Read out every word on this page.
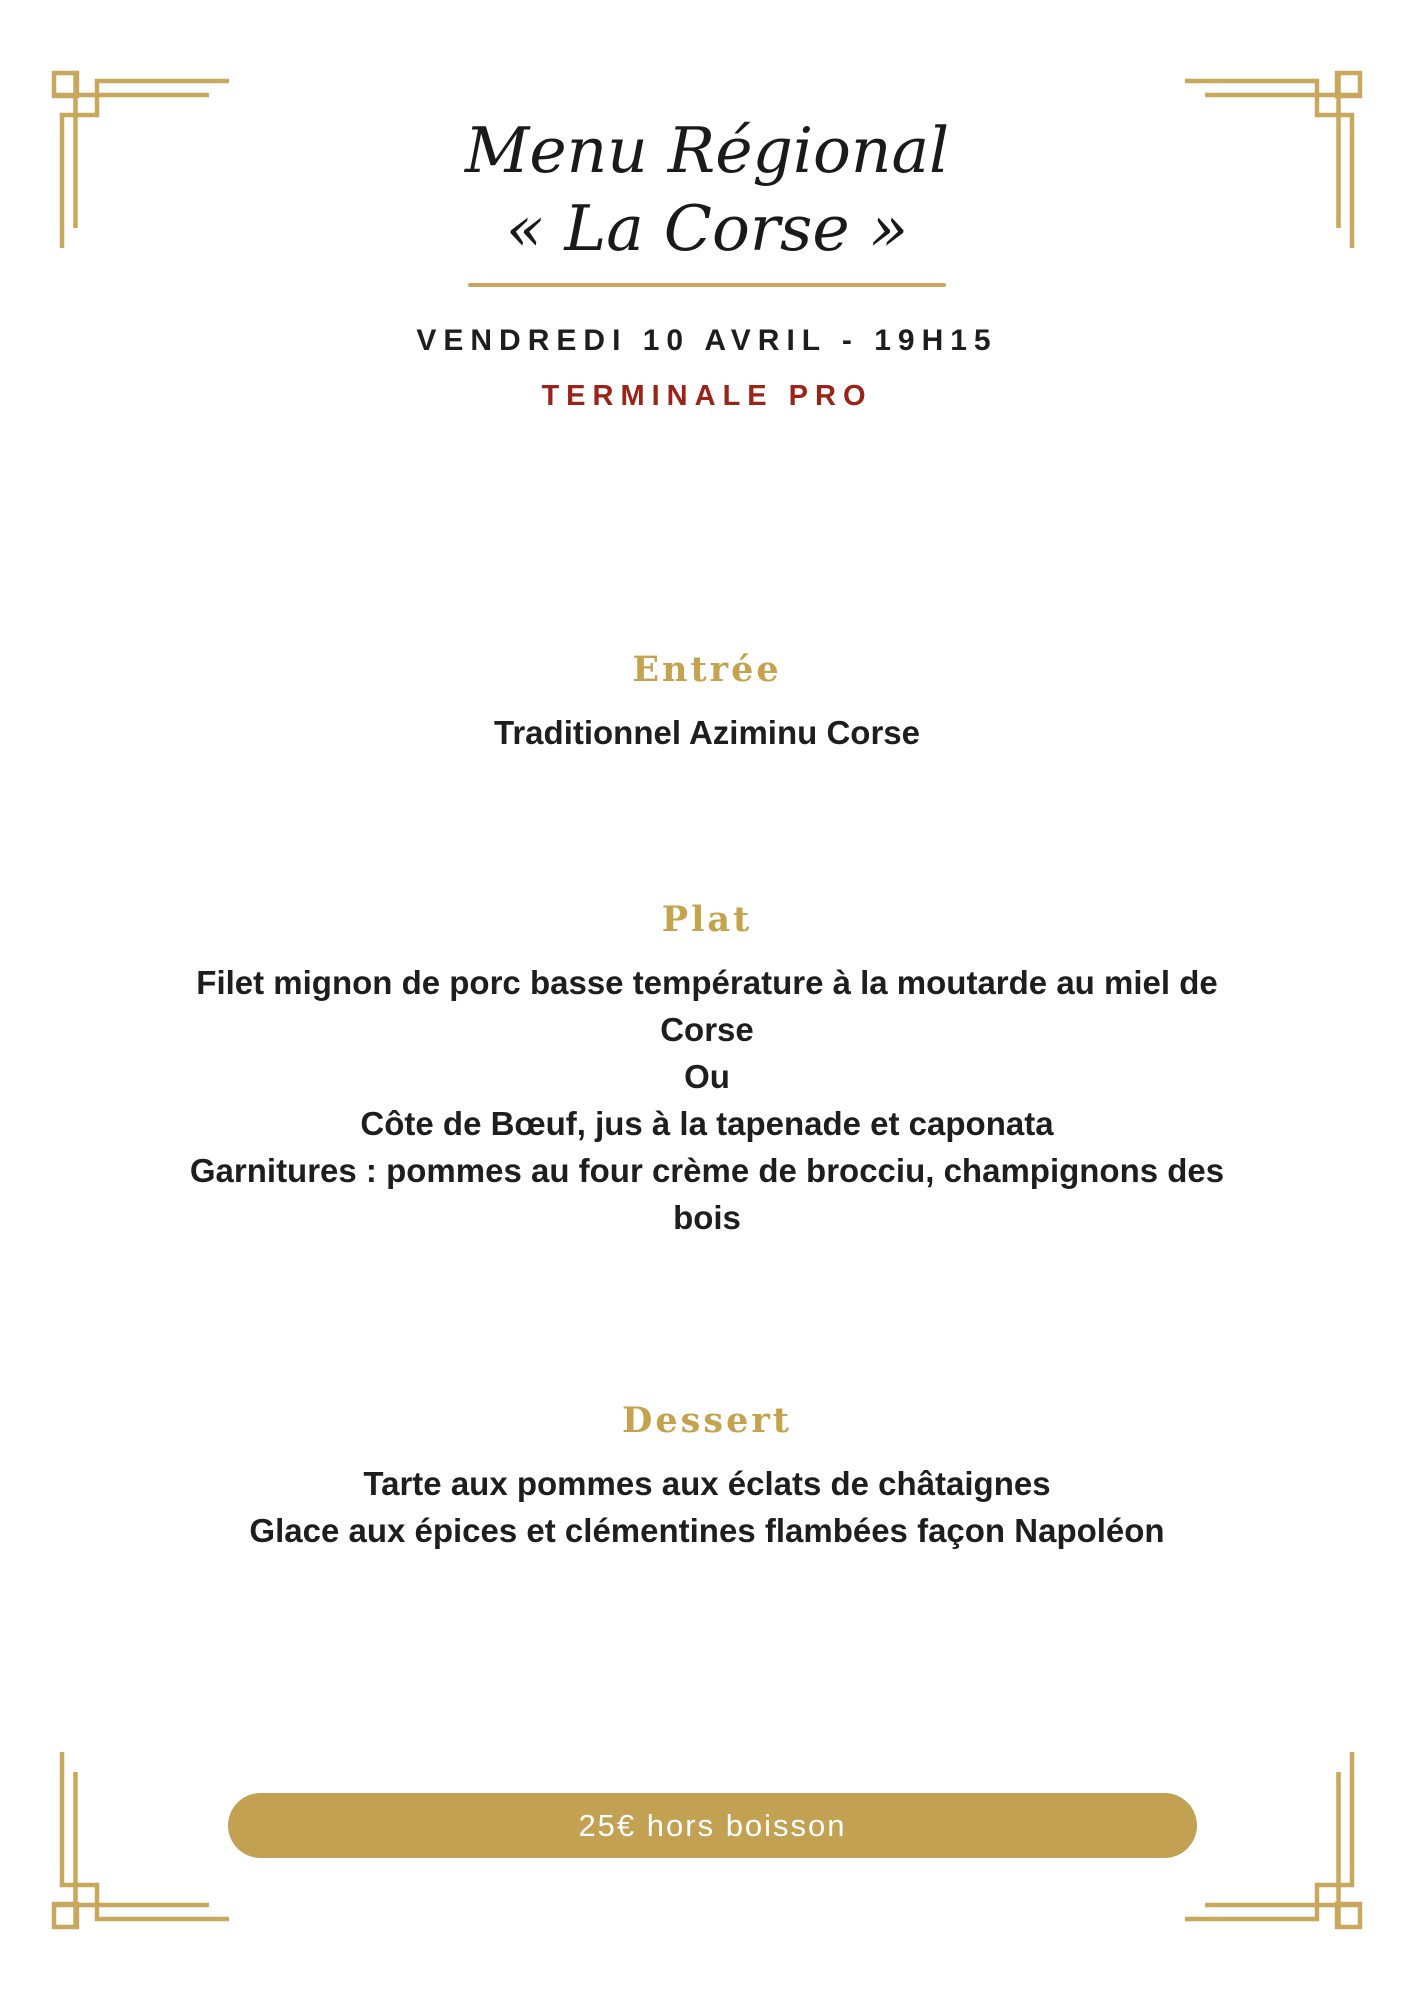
Menu Régional
« La Corse »
VENDREDI 10 AVRIL - 19H15
TERMINALE PRO
Entrée
Traditionnel Aziminu Corse
Plat
Filet mignon de porc basse température à la moutarde au miel de
Corse
Ou
Côte de Bœuf, jus à la tapenade et caponata
Garnitures : pommes au four crème de brocciu, champignons des
bois
Dessert
Tarte aux pommes aux éclats de châtaignes
Glace aux épices et clémentines flambées façon Napoléon
25€ hors boisson
